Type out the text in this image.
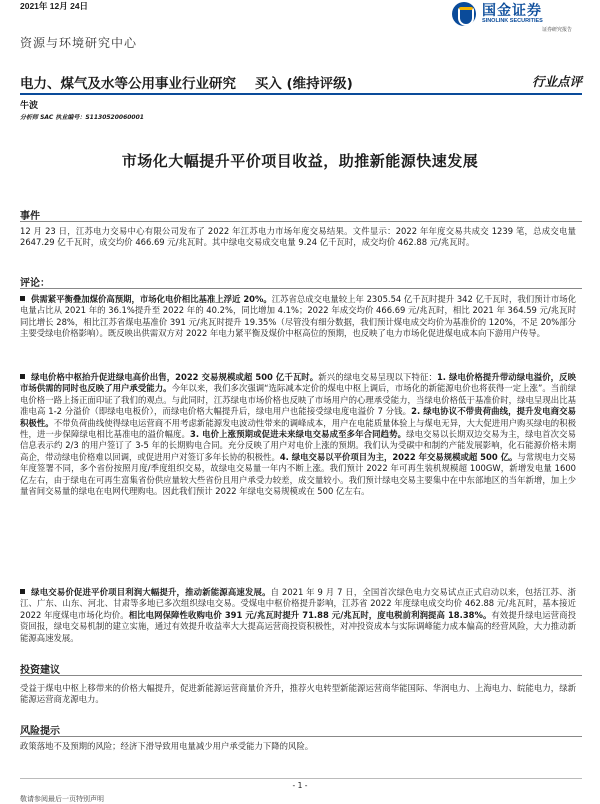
2021年 12月 24日	国金证券
SINOLINK SECURITIES
证券研究报告
资源与环境研究中心
电力、煤气及水等公用事业行业研究 买入 (维持评级)	行业点评
牛波
分析师 SAC 执业编号：S1130520060001
市场化大幅提升平价项目收益，助推新能源快速发展
事件
12 月 23 日，江苏电力交易中心有限公司发布了 2022 年江苏电力市场年度交易结果。文件显示：2022 年年度交易共成交 1239 笔，总成交电量 2647.29 亿千瓦时，成交均价 466.69 元/兆瓦时。其中绿电交易成交电量 9.24 亿千瓦时，成交均价 462.88 元/兆瓦时。
评论：
供需紧平衡叠加煤价高预期，市场化电价相比基准上浮近 20%。江苏省总成交电量较上年 2305.54 亿千瓦时提升 342 亿千瓦时，我们预计市场化电量占比从 2021 年的 36.1%提升至 2022 年的 40.2%，同比增加 4.1%；2022 年成交均价 466.69 元/兆瓦时，相比 2021 年 364.59 元/兆瓦时同比增长 28%，相比江苏省煤电基准价 391 元/兆瓦时提升 19.35%（尽管没有细分数据，我们预计煤电成交均价为基准价的 120%，不足 20%部分主要受绿电价格影响）。既反映出供需双方对 2022 年电力紧平衡及煤价中枢高位的预期，也反映了电力市场化促进煤电成本向下游用户传导。
绿电价格中枢抬升促进绿电高价出售，2022 交易规模或超 500 亿千瓦时。新兴的绿电交易呈现以下特征：1. 绿电价格提升带动绿电溢价，反映市场供需的同时也反映了用户承受能力。今年以来，我们多次强调“选际减本定价的煤电中枢上调后，市场化的新能源电价也将获得一定上涨”。当前绿电价格一路上扬正面印证了我们的观点。与此同时，江苏绿电市场价格也反映了市场用户的心理承受能力，当绿电价格低于基准价时，绿电呈现出比基准电高 1-2 分溢价（即绿电电板价），而绿电价格大幅提升后，绿电用户也能接受绿电度电溢价 7 分钱。2. 绿电协议不带贵荷曲线，提升发电商交易积极性。不带负荷曲线使得绿电运营商不用考虑新能源发电波动性带来的调峰成本，用户在电能质量体验上与煤电无异，大大促进用户购买绿电的积极性，进一步保障绿电相比基准电的溢价幅度。3. 电价上涨预期或促进未来绿电交易成至多年合同趋势。绿电交易以长期双边交易为主，绿电首次交易信息表示约 2/3 的用户签订了 3-5 年的长期购电合同。充分反映了用户对电价上涨的预期。我们认为受碳中和制约产能发展影响，化石能源价格未期高企，带动绿电价格难以回调，或促进用户对签订多年长协的积极性。4. 绿电交易以平价项目为主，2022 年交易规模或超 500 亿。与常规电力交易年度签署不同，多个省份按照月度/季度组织交易，故绿电交易量一年内不断上涨。我们预计 2022 年可再生装机规模超 100GW，新增发电量 1600 亿左右，由于绿电在可再生富集省份供应量较大些省份且用户承受力较差，成交量较小。我们预计绿电交易主要集中在中东部地区的当年新增，加上少量省间交易量的绿电在电网代理购电。因此我们预计 2022 年绿电交易规模或在 500 亿左右。
绿电交易价促进平价项目利润大幅提升，推动新能源高速发展。自 2021 年 9 月 7 日，全国首次绿色电力交易试点正式启动以来，包括江苏、浙江、广东、山东、河北、甘肃等多地已多次组织绿电交易。受煤电中枢价格提升影响，江苏省 2022 年度绿电成交均价 462.88 元/兆瓦时，基本接近 2022 年度煤电市场化均价。相比电网保障性收购电价 391 元/兆瓦时提升 71.88 元/兆瓦时，度电税前利润提高 18.38%。有效提升绿电运营商投资回报，绿电交易机制的建立实施，通过有效提升收益率大大提高运营商投资积极性，对冲投资成本与实际调峰能力成本偏高的经营风险，大力推动新能源高速发展。
投资建议
受益于煤电中枢上移带来的价格大幅提升，促进新能源运营商量价齐升，推荐火电转型新能源运营商华能国际、华润电力、上海电力、皖能电力，绿新能源运营商龙源电力。
风险提示
政策落地不及预期的风险；经济下滑导致用电量减少用户承受能力下降的风险。
- 1 -
敬请参阅最后一页特别声明
